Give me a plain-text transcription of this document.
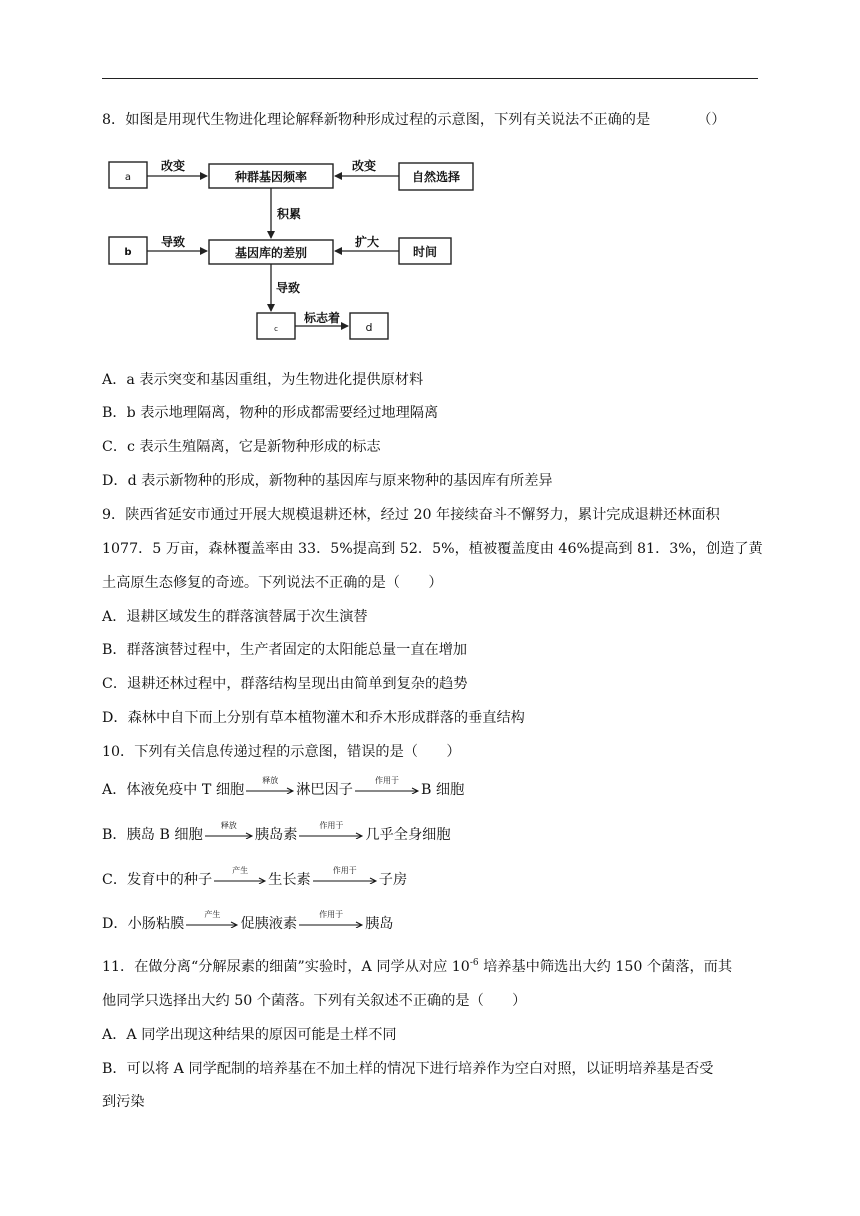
8．如图是用现代生物进化理论解释新物种形成过程的示意图，下列有关说法不正确的是	（）
a	种群基因频率	自然选择
b	基因库的差别	时间
c	d
改变	改变
积累
导致	扩大
导致
标志着
A．a 表示突变和基因重组，为生物进化提供原材料
B．b 表示地理隔离，物种的形成都需要经过地理隔离
C．c 表示生殖隔离，它是新物种形成的标志
D．d 表示新物种的形成，新物种的基因库与原来物种的基因库有所差异
9．陕西省延安市通过开展大规模退耕还林，经过 20 年接续奋斗不懈努力，累计完成退耕还林面积
1077．5 万亩，森林覆盖率由 33．5%提高到 52．5%，植被覆盖度由 46%提高到 81．3%，创造了黄
土高原生态修复的奇迹。下列说法不正确的是（　　）
A．退耕区域发生的群落演替属于次生演替
B．群落演替过程中，生产者固定的太阳能总量一直在增加
C．退耕还林过程中，群落结构呈现出由简单到复杂的趋势
D．森林中自下而上分别有草本植物灌木和乔木形成群落的垂直结构
10．下列有关信息传递过程的示意图，错误的是（　　）
A．体液免疫中 T 细胞
释放
淋巴因子
作用于
B 细胞
B．胰岛 B 细胞
释放
胰岛素
作用于
几乎全身细胞
C．发育中的种子
产生
生长素
作用于
子房
D．小肠粘膜
产生
促胰液素
作用于
胰岛
11．在做分离“分解尿素的细菌”实验时，A 同学从对应 $10^{-6}$ 培养基中筛选出大约 150 个菌落，而其
他同学只选择出大约 50 个菌落。下列有关叙述不正确的是（　　）
A．A 同学出现这种结果的原因可能是土样不同
B．可以将 A 同学配制的培养基在不加土样的情况下进行培养作为空白对照，以证明培养基是否受
到污染
